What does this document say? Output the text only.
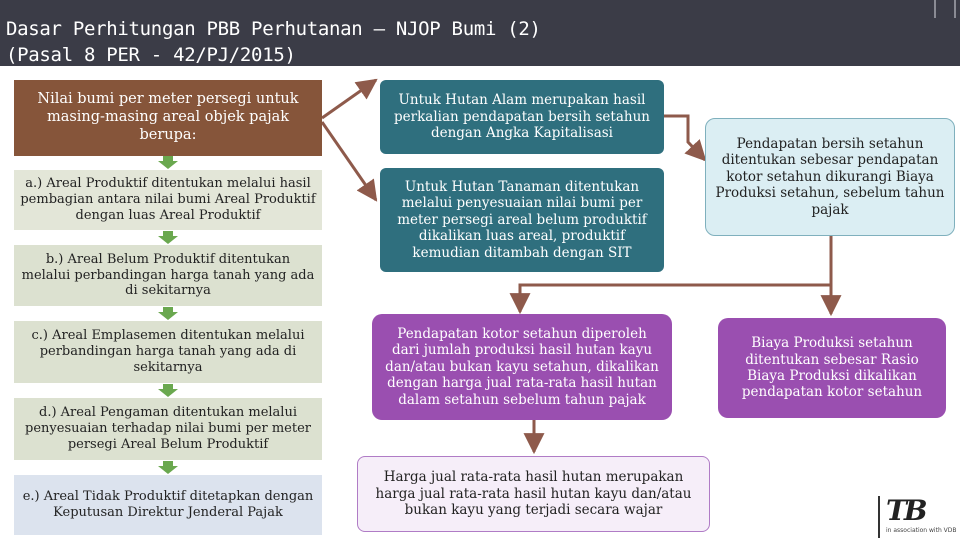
Dasar Perhitungan PBB Perhutanan – NJOP Bumi (2)
(Pasal 8 PER - 42/PJ/2015)
Nilai bumi per meter persegi untuk masing-masing areal objek pajak berupa:
a.) Areal Produktif ditentukan melalui hasil pembagian antara nilai bumi Areal Produktif dengan luas Areal Produktif
b.) Areal Belum Produktif ditentukan melalui perbandingan harga tanah yang ada di sekitarnya
c.) Areal Emplasemen ditentukan melalui perbandingan harga tanah yang ada di sekitarnya
d.) Areal Pengaman ditentukan melalui penyesuaian terhadap nilai bumi per meter persegi Areal Belum Produktif
e.) Areal Tidak Produktif ditetapkan dengan Keputusan Direktur Jenderal Pajak
Untuk Hutan Alam merupakan hasil perkalian pendapatan bersih setahun dengan Angka Kapitalisasi
Untuk Hutan Tanaman ditentukan melalui penyesuaian nilai bumi per meter persegi areal belum produktif dikalikan luas areal, produktif kemudian ditambah dengan SIT
Pendapatan kotor setahun diperoleh dari jumlah produksi hasil hutan kayu dan/atau bukan kayu setahun, dikalikan dengan harga jual rata-rata hasil hutan dalam setahun sebelum tahun pajak
Harga jual rata-rata hasil hutan merupakan harga jual rata-rata hasil hutan kayu dan/atau bukan kayu yang terjadi secara wajar
Pendapatan bersih setahun ditentukan sebesar pendapatan kotor setahun dikurangi Biaya Produksi setahun, sebelum tahun pajak
Biaya Produksi setahun ditentukan sebesar Rasio Biaya Produksi dikalikan pendapatan kotor setahun
TB
in association with VDB
